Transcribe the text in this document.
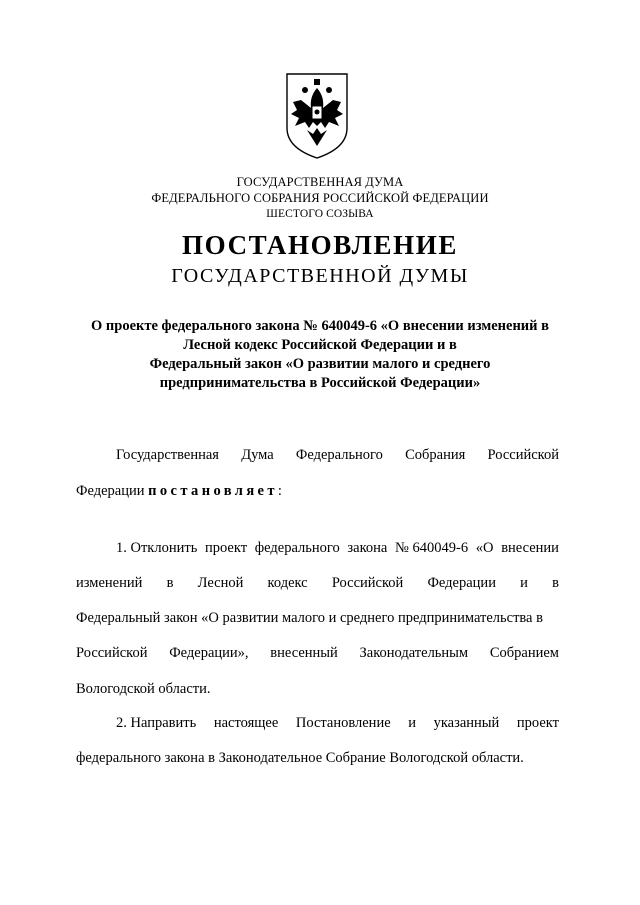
ГОСУДАРСТВЕННАЯ ДУМА
ФЕДЕРАЛЬНОГО СОБРАНИЯ РОССИЙСКОЙ ФЕДЕРАЦИИ
ШЕСТОГО СОЗЫВА
ПОСТАНОВЛЕНИЕ
ГОСУДАРСТВЕННОЙ ДУМЫ
О проекте федерального закона № 640049-6 «О внесении изменений в
Лесной кодекс Российской Федерации и в
Федеральный закон «О развитии малого и среднего
предпринимательства в Российской Федерации»
Государственная Дума Федерального Собрания Российской
Федерации постановляет:
1. Отклонить проект федерального закона № 640049-6 «О внесении
изменений в Лесной кодекс Российской Федерации и в
Федеральный закон «О развитии малого и среднего предпринимательства в
Российской Федерации», внесенный Законодательным Собранием
Вологодской области.
2. Направить настоящее Постановление и указанный проект
федерального закона в Законодательное Собрание Вологодской области.
